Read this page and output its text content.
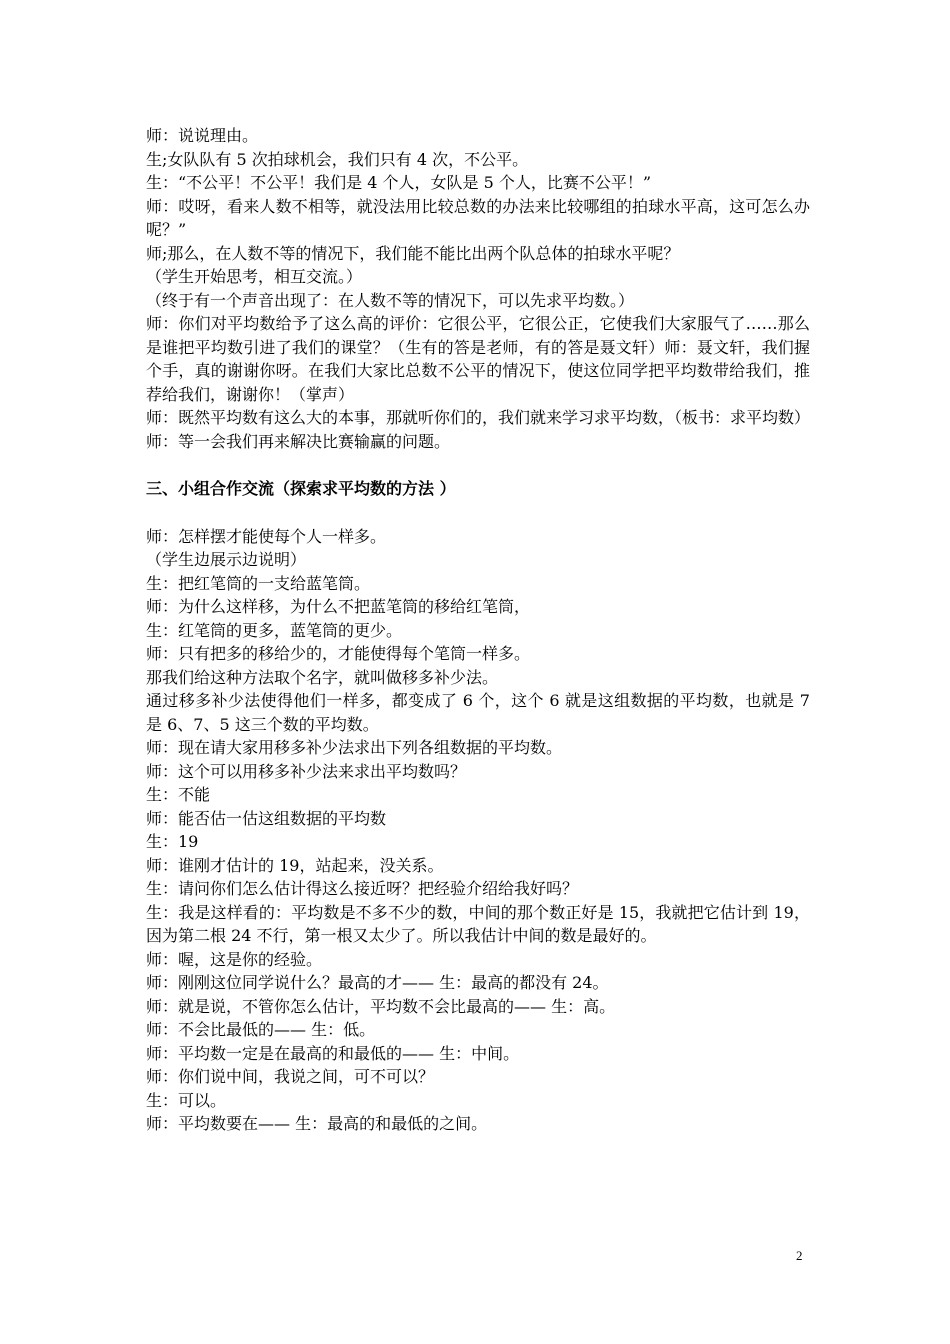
师：说说理由。

生;女队队有 5 次拍球机会，我们只有 4 次，不公平。

生：“不公平！不公平！我们是 4 个人，女队是 5 个人，比赛不公平！”

师：哎呀，看来人数不相等，就没法用比较总数的办法来比较哪组的拍球水平高，这可怎么办呢？”

师;那么，在人数不等的情况下，我们能不能比出两个队总体的拍球水平呢？

（学生开始思考，相互交流。）

（终于有一个声音出现了：在人数不等的情况下，可以先求平均数。）

师：你们对平均数给予了这么高的评价：它很公平，它很公正，它使我们大家服气了……那么是谁把平均数引进了我们的课堂？（生有的答是老师，有的答是聂文轩）师：聂文轩，我们握个手，真的谢谢你呀。在我们大家比总数不公平的情况下，使这位同学把平均数带给我们，推荐给我们，谢谢你！（掌声）

师：既然平均数有这么大的本事，那就听你们的，我们就来学习求平均数，（板书：求平均数）

师：等一会我们再来解决比赛输赢的问题。

三、小组合作交流（探索求平均数的方法 ）

师：怎样摆才能使每个人一样多。

（学生边展示边说明）

生：把红笔筒的一支给蓝笔筒。

师：为什么这样移，为什么不把蓝笔筒的移给红笔筒，

生：红笔筒的更多，蓝笔筒的更少。

师：只有把多的移给少的，才能使得每个笔筒一样多。

那我们给这种方法取个名字，就叫做移多补少法。

通过移多补少法使得他们一样多，都变成了 6 个，这个 6 就是这组数据的平均数，也就是 7 是 6、7、5 这三个数的平均数。

师：现在请大家用移多补少法求出下列各组数据的平均数。

师：这个可以用移多补少法来求出平均数吗？

生：不能

师：能否估一估这组数据的平均数

生：19

师：谁刚才估计的 19，站起来，没关系。

生：请问你们怎么估计得这么接近呀？把经验介绍给我好吗？

生：我是这样看的：平均数是不多不少的数，中间的那个数正好是 15，我就把它估计到 19，因为第二根 24 不行，第一根又太少了。所以我估计中间的数是最好的。

师：喔，这是你的经验。

师：刚刚这位同学说什么？最高的才—— 生：最高的都没有 24。

师：就是说，不管你怎么估计，平均数不会比最高的—— 生：高。

师：不会比最低的—— 生：低。

师：平均数一定是在最高的和最低的—— 生：中间。

师：你们说中间，我说之间，可不可以？

生：可以。

师：平均数要在—— 生：最高的和最低的之间。

2
